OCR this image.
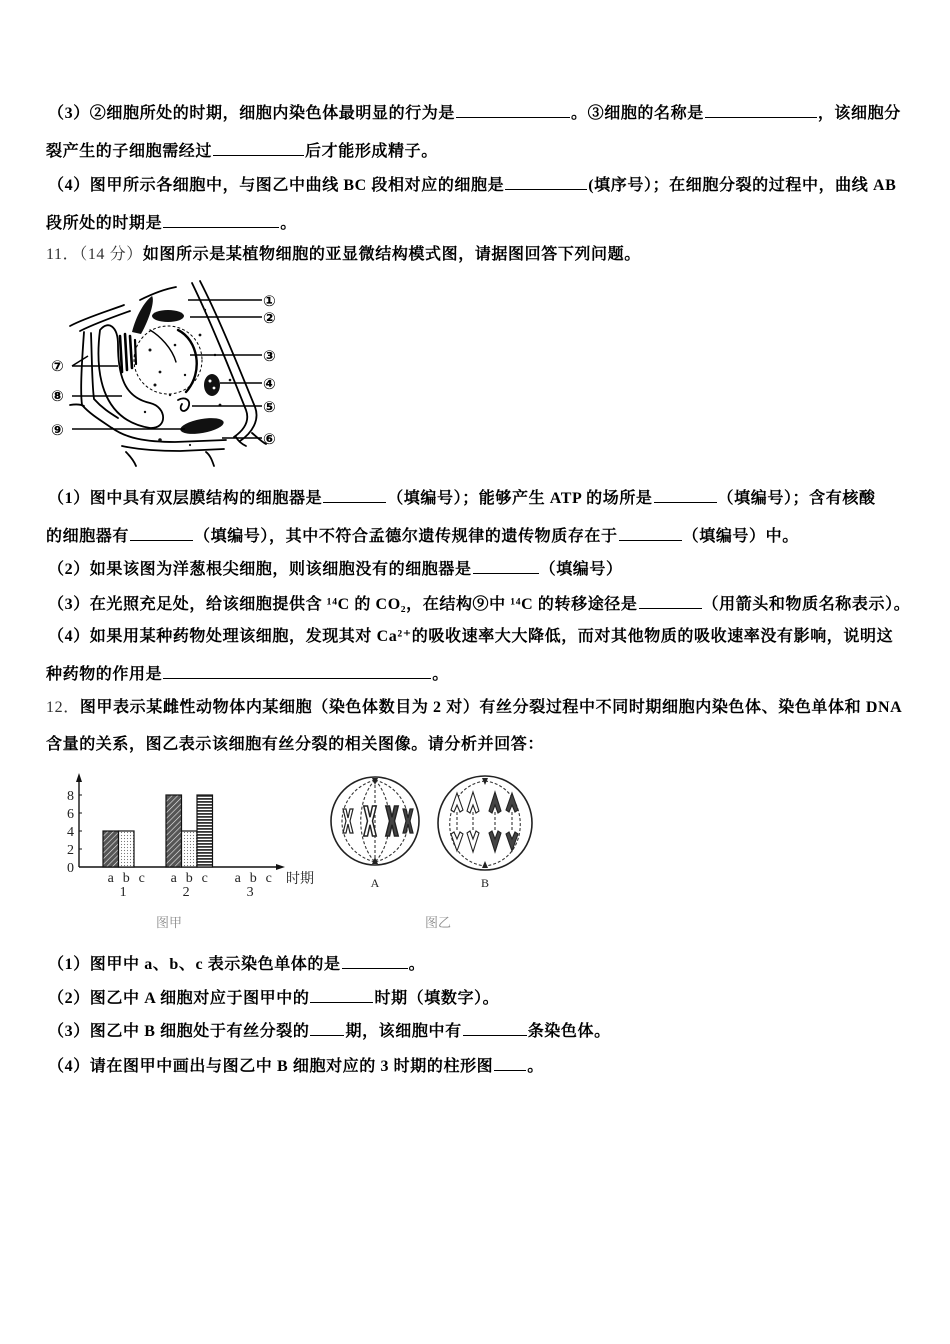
（3）②细胞所处的时期，细胞内染色体最明显的行为是	。③细胞的名称是	，该细胞分
裂产生的子细胞需经过	后才能形成精子。
（4）图甲所示各细胞中，与图乙中曲线 BC 段相对应的细胞是	(填序号）；在细胞分裂的过程中，曲线 AB
段所处的时期是	。
11．（14 分）如图所示是某植物细胞的亚显微结构模式图，请据图回答下列问题。
①
②
③
④
⑤
⑥
⑦
⑧
⑨
（1）图中具有双层膜结构的细胞器是	（填编号）；能够产生 ATP 的场所是	（填编号）；含有核酸
的细胞器有	（填编号），其中不符合孟德尔遗传规律的遗传物质存在于	（填编号）中。
（2）如果该图为洋葱根尖细胞，则该细胞没有的细胞器是	（填编号）
（3）在光照充足处，给该细胞提供含 ¹⁴C 的 CO₂，在结构⑨中 ¹⁴C 的转移途径是	（用箭头和物质名称表示）。
（4）如果用某种药物处理该细胞，发现其对 Ca²⁺的吸收速率大大降低，而对其他物质的吸收速率没有影响，说明这
种药物的作用是	。
12．图甲表示某雌性动物体内某细胞（染色体数目为 2 对）有丝分裂过程中不同时期细胞内染色体、染色单体和 DNA
含量的关系，图乙表示该细胞有丝分裂的相关图像。请分析并回答：
0
2
4
6
8
a b c
1
a b c
2
a b c
3
时期
图甲
A	B
图乙
（1）图甲中 a、b、c 表示染色单体的是	。
（2）图乙中 A 细胞对应于图甲中的	时期（填数字）。
（3）图乙中 B 细胞处于有丝分裂的 期，该细胞中有	条染色体。
（4）请在图甲中画出与图乙中 B 细胞对应的 3 时期的柱形图 。
